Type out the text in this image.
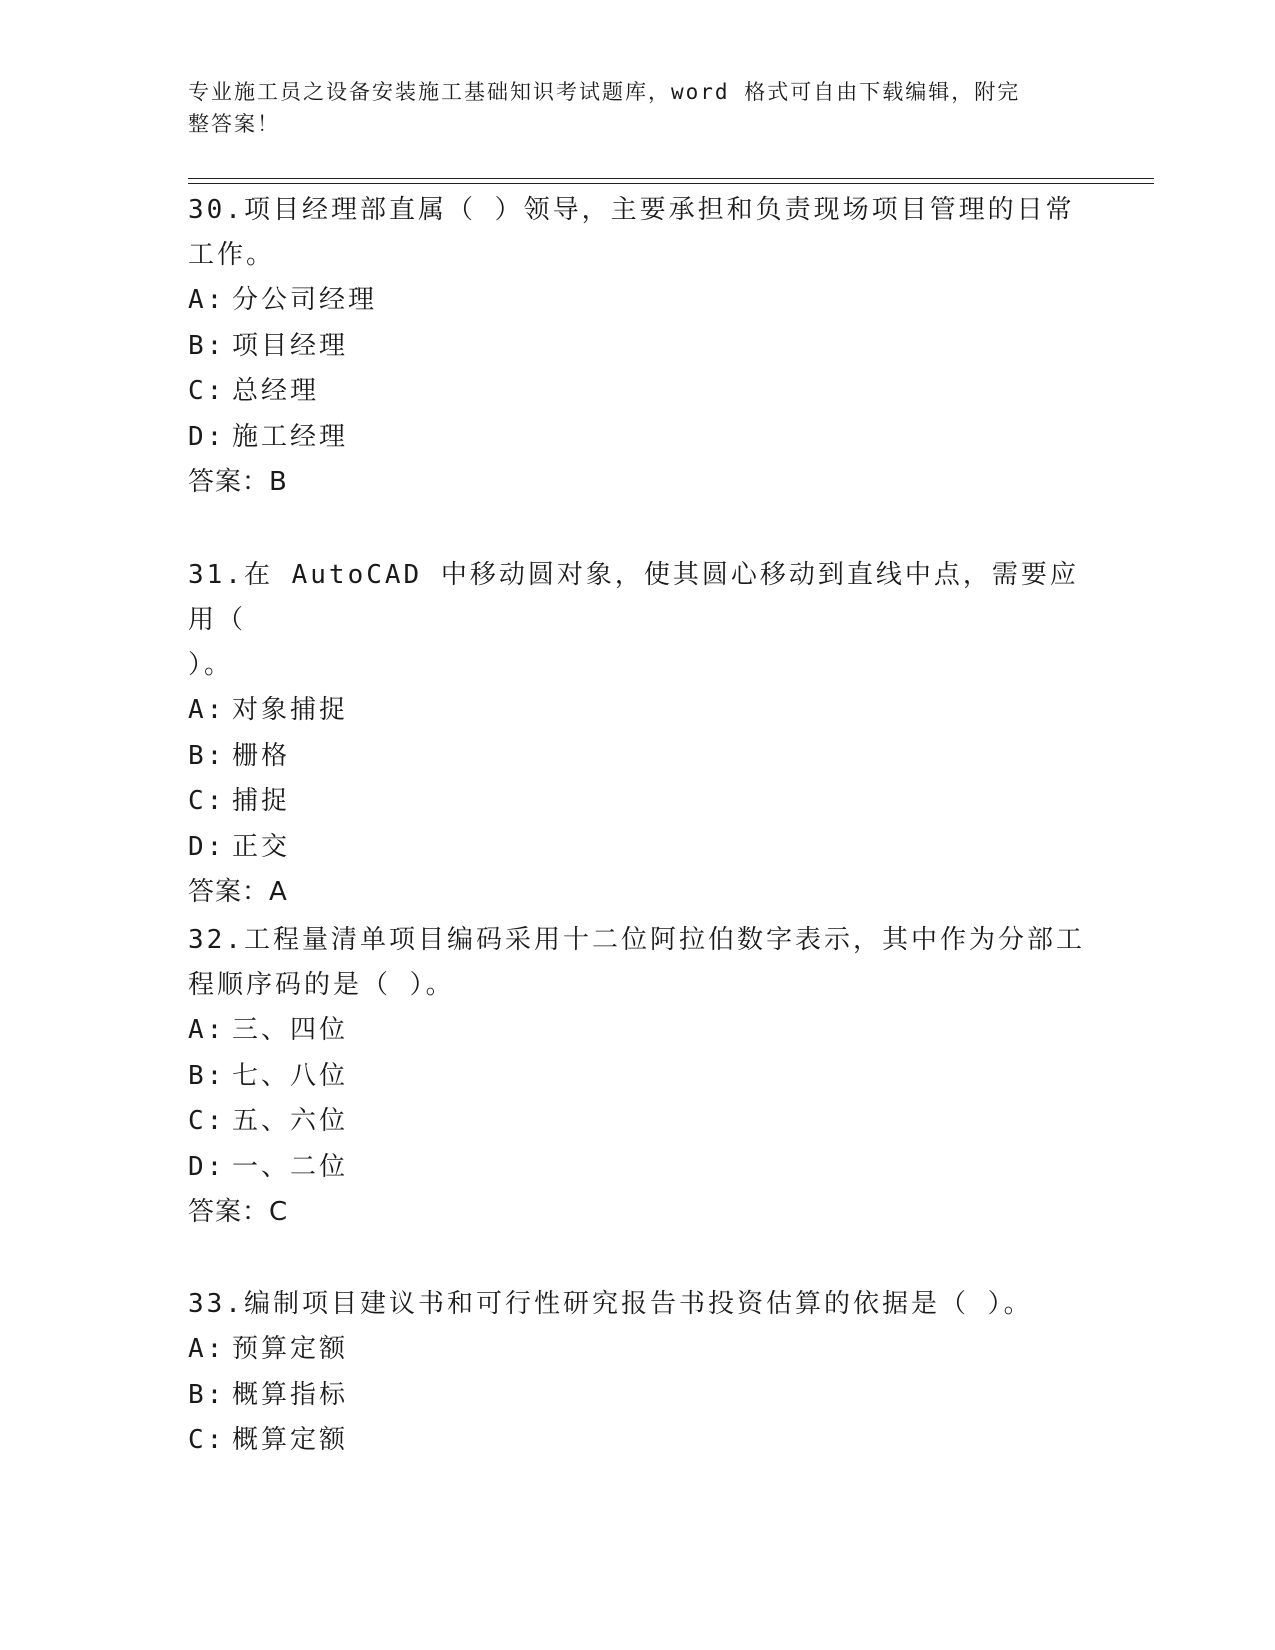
专业施工员之设备安装施工基础知识考试题库，word 格式可自由下载编辑，附完
整答案！

30.项目经理部直属（ ）领导，主要承担和负责现场项目管理的日常
工作。

A: 分公司经理

B: 项目经理

C: 总经理

D: 施工经理

答案：B

31.在 AutoCAD 中移动圆对象，使其圆心移动到直线中点，需要应用（
）。

A: 对象捕捉

B: 栅格

C: 捕捉

D: 正交

答案：A

32.工程量清单项目编码采用十二位阿拉伯数字表示，其中作为分部工
程顺序码的是（ ）。

A: 三、四位

B: 七、八位

C: 五、六位

D: 一、二位

答案：C

33.编制项目建议书和可行性研究报告书投资估算的依据是（ ）。

A: 预算定额

B: 概算指标

C: 概算定额
